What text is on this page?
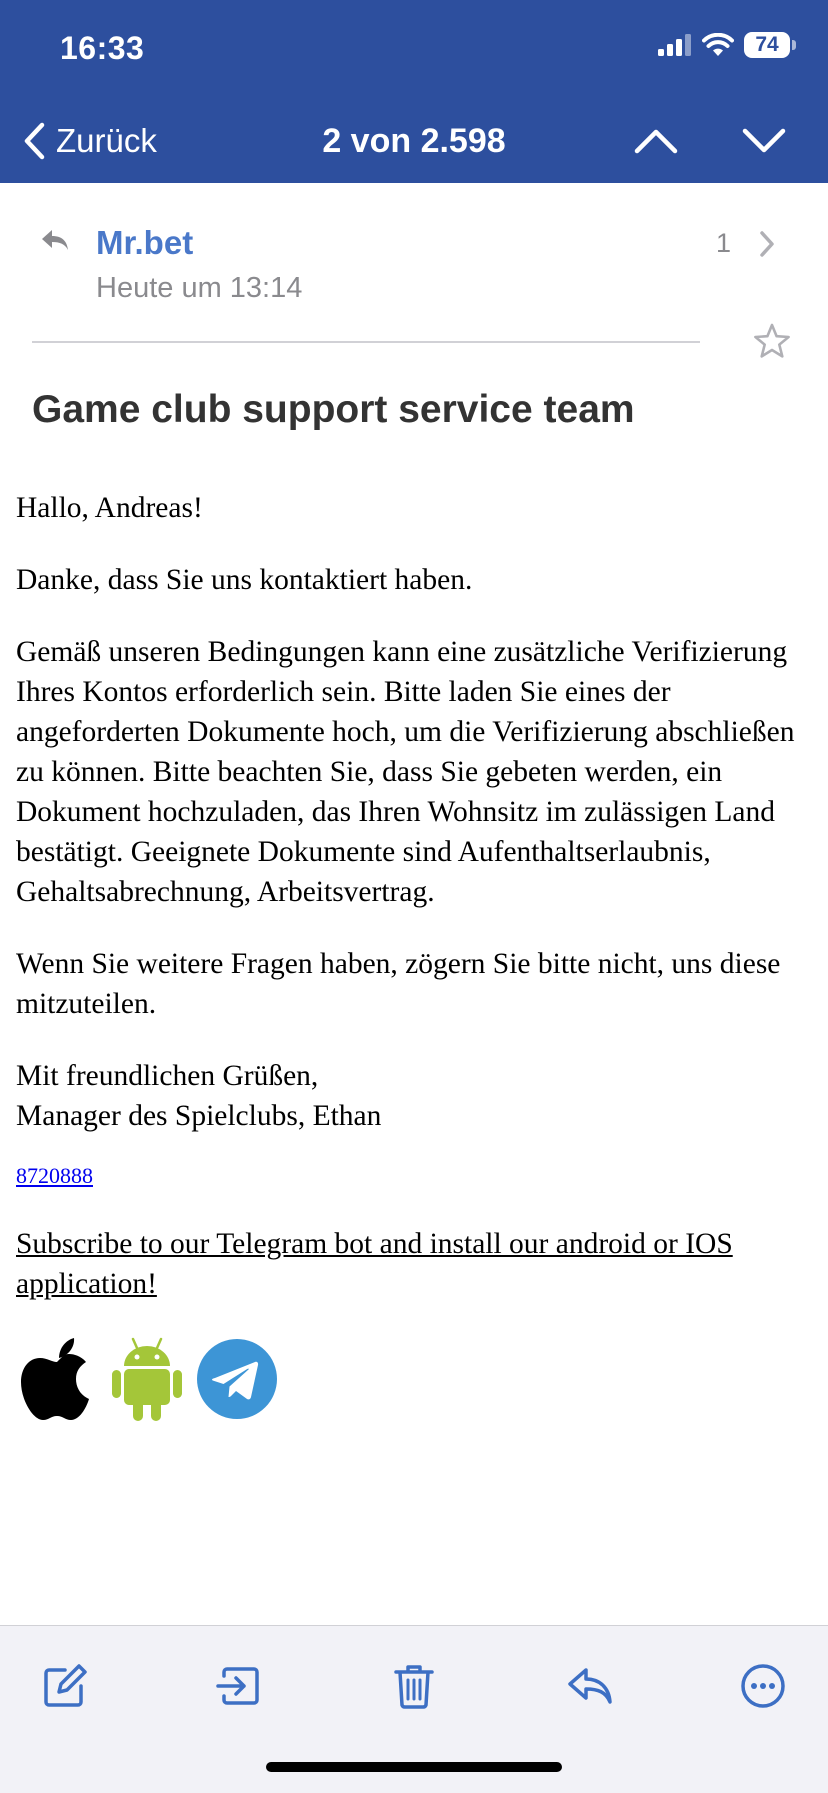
16:33	74
Zurück	2 von 2.598
Mr.bet
Heute um 13:14
1
Game club support service team

Hallo, Andreas!

Danke, dass Sie uns kontaktiert haben.

Gemäß unseren Bedingungen kann eine zusätzliche Verifizierung Ihres Kontos erforderlich sein. Bitte laden Sie eines der angeforderten Dokumente hoch, um die Verifizierung abschließen zu können. Bitte beachten Sie, dass Sie gebeten werden, ein Dokument hochzuladen, das Ihren Wohnsitz im zulässigen Land bestätigt. Geeignete Dokumente sind Aufenthaltserlaubnis, Gehaltsabrechnung, Arbeitsvertrag.

Wenn Sie weitere Fragen haben, zögern Sie bitte nicht, uns diese mitzuteilen.

Mit freundlichen Grüßen,
Manager des Spielclubs, Ethan

8720888

Subscribe to our Telegram bot and install our android or IOS application!
